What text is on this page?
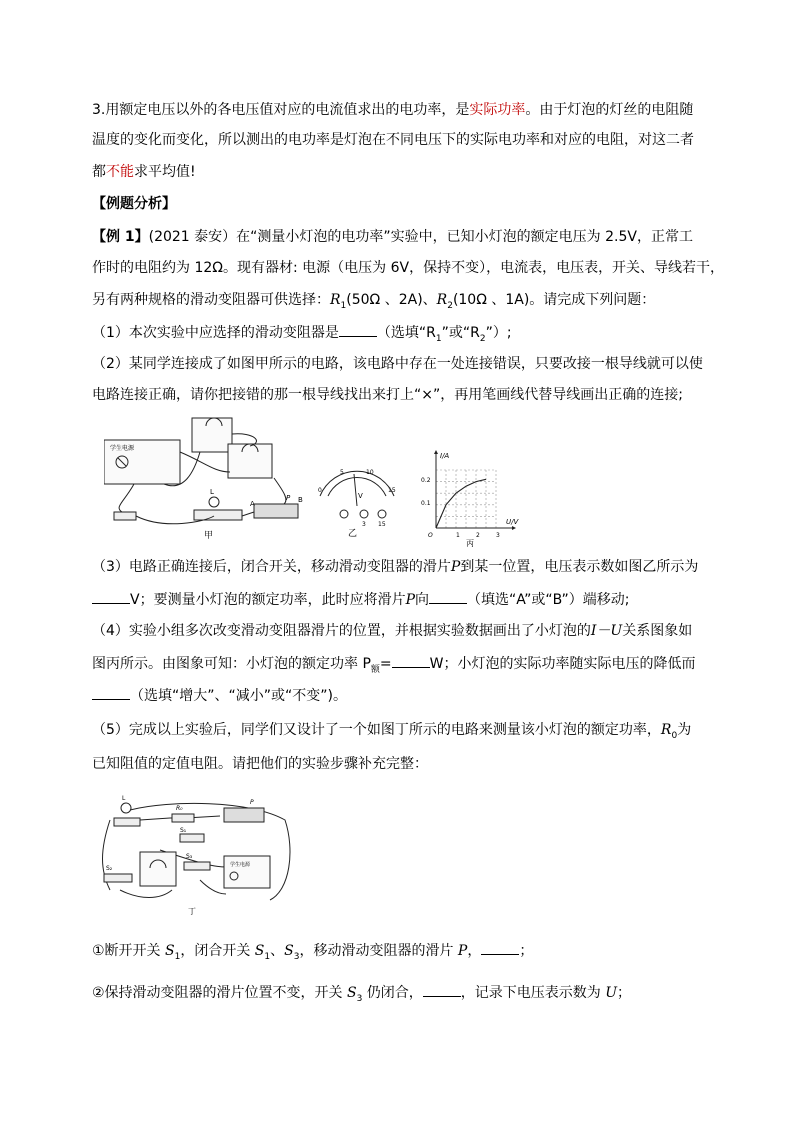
3.用额定电压以外的各电压值对应的电流值求出的电功率，是实际功率。由于灯泡的灯丝的电阻随
温度的变化而变化，所以测出的电功率是灯泡在不同电压下的实际电功率和对应的电阻，对这二者
都不能求平均值!
【例题分析】
【例 1】(2021 泰安）在“测量小灯泡的电功率”实验中，已知小灯泡的额定电压为 2.5V，正常工
作时的电阻约为 12Ω。现有器材: 电源（电压为 6V，保持不变），电流表，电压表，开关、导线若干，
另有两种规格的滑动变阻器可供选择：$R_1(50\Omega$ 、2A)、$R_2(10\Omega$ 、1A)。请完成下列问题：
（1）本次实验中应选择的滑动变阻器是	（选填“$R_1$”或“$R_2$”）;
（2）某同学连接成了如图甲所示的电路，该电路中存在一处连接错误，只要改接一根导线就可以使
电路连接正确，请你把接错的那一根导线找出来打上“×”，再用笔画线代替导线画出正确的连接;
学生电源
L
A	B
P
甲
0
5	10
15
V
3 15
乙
I/A
U/V
0.2
0.1
1	2	3
O
丙
（3）电路正确连接后，闭合开关，移动滑动变阻器的滑片P到某一位置，电压表示数如图乙所示为
V；要测量小灯泡的额定功率，此时应将滑片P向	（填选“A”或“B”）端移动;
（4）实验小组多次改变滑动变阻器滑片的位置，并根据实验数据画出了小灯泡的I－U关系图象如
图丙所示。由图象可知：小灯泡的额定功率 $P_额=$	W；小灯泡的实际功率随实际电压的降低而
（选填“增大”、“减小”或“不变”)。
（5）完成以上实验后，同学们又设计了一个如图丁所示的电路来测量该小灯泡的额定功率，$R_0$为
已知阻值的定值电阻。请把他们的实验步骤补充完整：
L
R₀
S₁
S₂
S₃
P
学生电源
丁
①断开开关 $S_1$，闭合开关 $S_1$、$S_3$，移动滑动变阻器的滑片 P，	；
②保持滑动变阻器的滑片位置不变，开关 $S_3$ 仍闭合，	，记录下电压表示数为 U；
